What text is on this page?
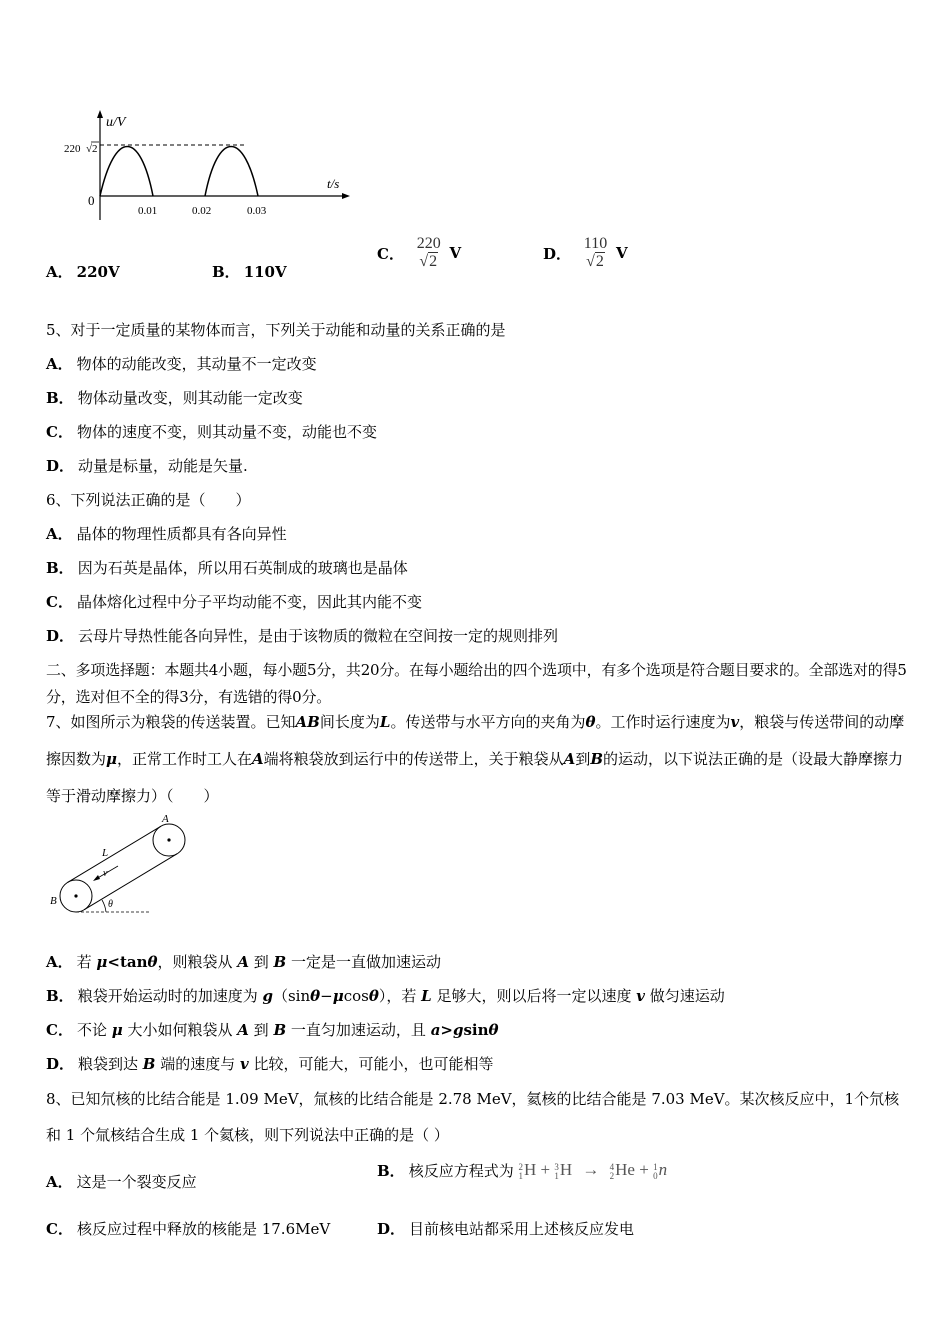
u/V
t/s
220 √ 2
0
0.01	0.02	0.03
A． 220V	B． 110V
C．
220
√2 V	D．
110
√2 V
5、对于一定质量的某物体而言，下列关于动能和动量的关系正确的是
A． 物体的动能改变，其动量不一定改变
B． 物体动量改变，则其动能一定改变
C． 物体的速度不变，则其动量不变，动能也不变
D． 动量是标量，动能是矢量.
6、下列说法正确的是（　　）
A． 晶体的物理性质都具有各向异性
B． 因为石英是晶体，所以用石英制成的玻璃也是晶体
C． 晶体熔化过程中分子平均动能不变，因此其内能不变
D． 云母片导热性能各向异性，是由于该物质的微粒在空间按一定的规则排列
二、多项选择题：本题共4小题，每小题5分，共20分。在每小题给出的四个选项中，有多个选项是符合题目要求的。全部选对的得5分，选对但不全的得3分，有选错的得0分。
7、如图所示为粮袋的传送装置。已知AB间长度为L。传送带与水平方向的夹角为θ。工作时运行速度为v，粮袋与传送带间的动摩擦因数为μ，正常工作时工人在A端将粮袋放到运行中的传送带上，关于粮袋从A到B的运动，以下说法正确的是（设最大静摩擦力等于滑动摩擦力）（　　）
A
B
L
v
θ
A． 若 μ<tanθ，则粮袋从 A 到 B 一定是一直做加速运动
B． 粮袋开始运动时的加速度为 g（sinθ−μcosθ），若 L 足够大，则以后将一定以速度 v 做匀速运动
C． 不论 μ 大小如何粮袋从 A 到 B 一直匀加速运动，且 a>gsinθ
D． 粮袋到达 B 端的速度与 v 比较，可能大，可能小，也可能相等
8、已知氘核的比结合能是 1.09 MeV，氚核的比结合能是 2.78 MeV，氦核的比结合能是 7.03 MeV。某次核反应中，1个氘核和 1 个氚核结合生成 1 个氦核，则下列说法中正确的是（ ）
A． 这是一个裂变反应
B． 核反应方程式为 2
1 H + 3
1 H → 4
2 He + 1
0 n
C． 核反应过程中释放的核能是 17.6MeV	D． 目前核电站都采用上述核反应发电
